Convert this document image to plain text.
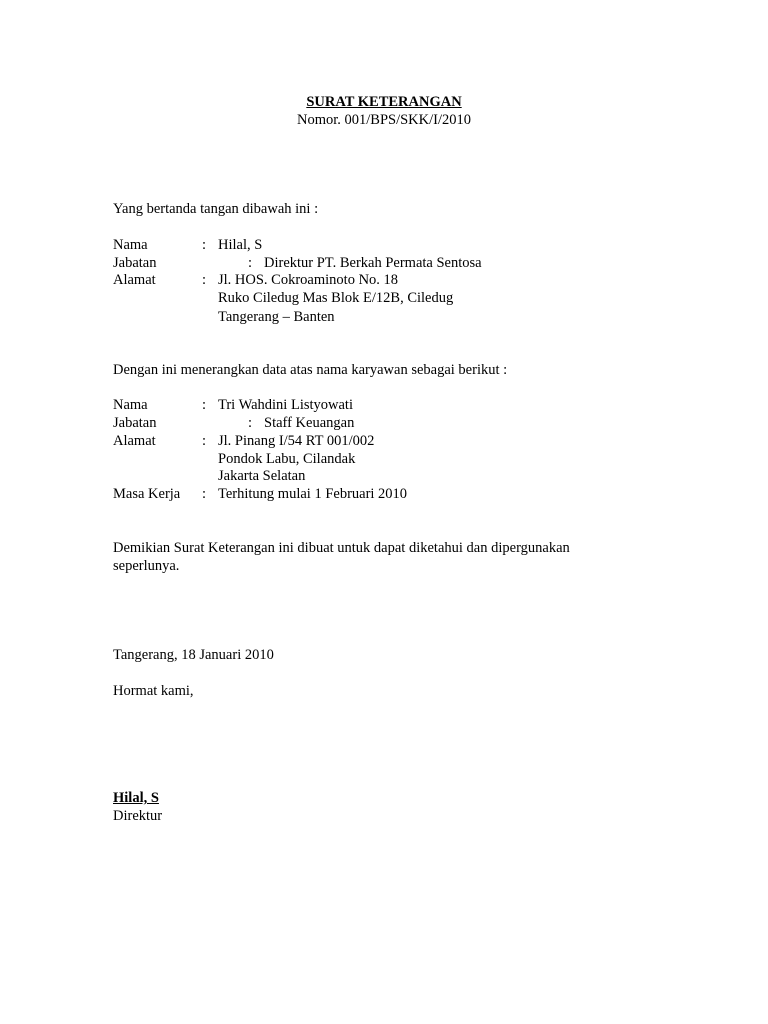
SURAT KETERANGAN
Nomor. 001/BPS/SKK/I/2010
Yang bertanda tangan dibawah ini :
Nama	: Hilal, S
Jabatan	: Direktur PT. Berkah Permata Sentosa
Alamat	: Jl. HOS. Cokroaminoto No. 18
Ruko Ciledug Mas Blok E/12B, Ciledug
Tangerang – Banten
Dengan ini menerangkan data atas nama karyawan sebagai berikut :
Nama	: Tri Wahdini Listyowati
Jabatan	: Staff Keuangan
Alamat	: Jl. Pinang I/54 RT 001/002
Pondok Labu, Cilandak
Jakarta Selatan
Masa Kerja : Terhitung mulai 1 Februari 2010
Demikian Surat Keterangan ini dibuat untuk dapat diketahui dan dipergunakan
seperlunya.
Tangerang, 18 Januari 2010
Hormat kami,
Hilal, S
Direktur
